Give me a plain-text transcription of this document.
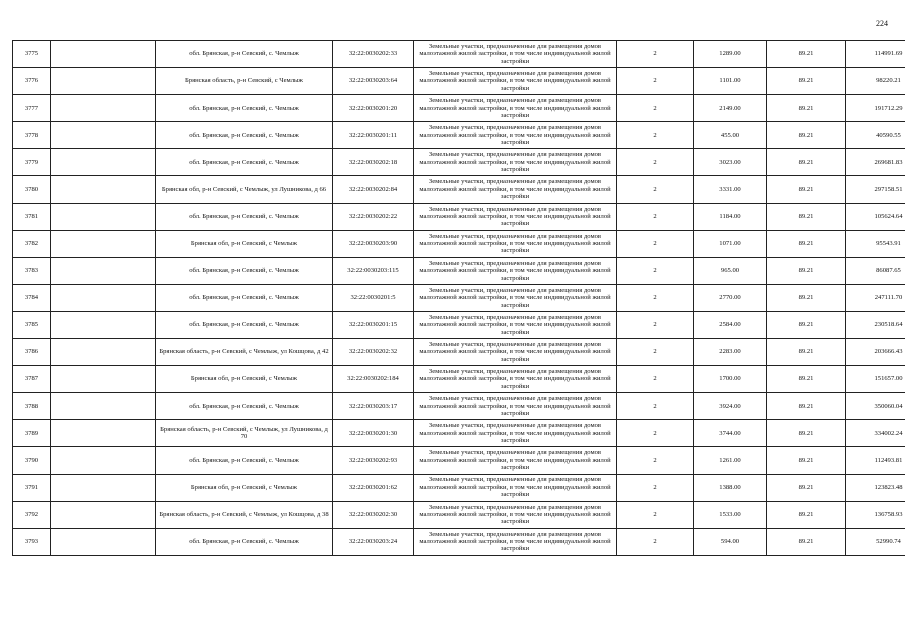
224
3775		обл. Брянская, р-н Севский, с. Чемлыж	32:22:0030202:33	Земельные участки, предназначенные для размещения домов малоэтажной жилой застройки, в том числе индивидуальной жилой застройки	2	1289.00	89.21	114991.69
3776		Брянская область, р-н Севский, с Чемлыж	32:22:0030203:64	Земельные участки, предназначенные для размещения домов малоэтажной жилой застройки, в том числе индивидуальной жилой застройки	2	1101.00	89.21	98220.21
3777		обл. Брянская, р-н Севский, с. Чемлыж	32:22:0030201:20	Земельные участки, предназначенные для размещения домов малоэтажной жилой застройки, в том числе индивидуальной жилой застройки	2	2149.00	89.21	191712.29
3778		обл. Брянская, р-н Севский, с. Чемлыж	32:22:0030201:11	Земельные участки, предназначенные для размещения домов малоэтажной жилой застройки, в том числе индивидуальной жилой застройки	2	455.00	89.21	40590.55
3779		обл. Брянская, р-н Севский, с. Чемлыж	32:22:0030202:18	Земельные участки, предназначенные для размещения домов малоэтажной жилой застройки, в том числе индивидуальной жилой застройки	2	3023.00	89.21	269681.83
3780		Брянская обл, р-н Севский, с Чемлыж, ул Лушникова, д 66	32:22:0030202:84	Земельные участки, предназначенные для размещения домов малоэтажной жилой застройки, в том числе индивидуальной жилой застройки	2	3331.00	89.21	297158.51
3781		обл. Брянская, р-н Севский, с. Чемлыж	32:22:0030202:22	Земельные участки, предназначенные для размещения домов малоэтажной жилой застройки, в том числе индивидуальной жилой застройки	2	1184.00	89.21	105624.64
3782		Брянская обл, р-н Севский, с Чемлыж	32:22:0030203:90	Земельные участки, предназначенные для размещения домов малоэтажной жилой застройки, в том числе индивидуальной жилой застройки	2	1071.00	89.21	95543.91
3783		обл. Брянская, р-н Севский, с. Чемлыж	32:22:0030203:115	Земельные участки, предназначенные для размещения домов малоэтажной жилой застройки, в том числе индивидуальной жилой застройки	2	965.00	89.21	86087.65
3784		обл. Брянская, р-н Севский, с. Чемлыж	32:22:0030201:5	Земельные участки, предназначенные для размещения домов малоэтажной жилой застройки, в том числе индивидуальной жилой застройки	2	2770.00	89.21	247111.70
3785		обл. Брянская, р-н Севский, с. Чемлыж	32:22:0030201:15	Земельные участки, предназначенные для размещения домов малоэтажной жилой застройки, в том числе индивидуальной жилой застройки	2	2584.00	89.21	230518.64
3786		Брянская область, р-н Севский, с Чемлыж, ул Кошцова, д 42	32:22:0030202:32	Земельные участки, предназначенные для размещения домов малоэтажной жилой застройки, в том числе индивидуальной жилой застройки	2	2283.00	89.21	203666.43
3787		Брянская обл, р-н Севский, с Чемлыж	32:22:0030202:184	Земельные участки, предназначенные для размещения домов малоэтажной жилой застройки, в том числе индивидуальной жилой застройки	2	1700.00	89.21	151657.00
3788		обл. Брянская, р-н Севский, с. Чемлыж	32:22:0030203:17	Земельные участки, предназначенные для размещения домов малоэтажной жилой застройки, в том числе индивидуальной жилой застройки	2	3924.00	89.21	350060.04
3789		Брянская область, р-н Севский, с Чемлыж, ул Лушникова, д 70	32:22:0030201:30	Земельные участки, предназначенные для размещения домов малоэтажной жилой застройки, в том числе индивидуальной жилой застройки	2	3744.00	89.21	334002.24
3790		обл. Брянская, р-н Севский, с. Чемлыж	32:22:0030202:93	Земельные участки, предназначенные для размещения домов малоэтажной жилой застройки, в том числе индивидуальной жилой застройки	2	1261.00	89.21	112493.81
3791		Брянская обл, р-н Севский, с Чемлыж	32:22:0030201:62	Земельные участки, предназначенные для размещения домов малоэтажной жилой застройки, в том числе индивидуальной жилой застройки	2	1388.00	89.21	123823.48
3792		Брянская область, р-н Севский, с Чемлыж, ул Кошцова, д 38	32:22:0030202:30	Земельные участки, предназначенные для размещения домов малоэтажной жилой застройки, в том числе индивидуальной жилой застройки	2	1533.00	89.21	136758.93
3793		обл. Брянская, р-н Севский, с. Чемлыж	32:22:0030203:24	Земельные участки, предназначенные для размещения домов малоэтажной жилой застройки, в том числе индивидуальной жилой застройки	2	594.00	89.21	52990.74
